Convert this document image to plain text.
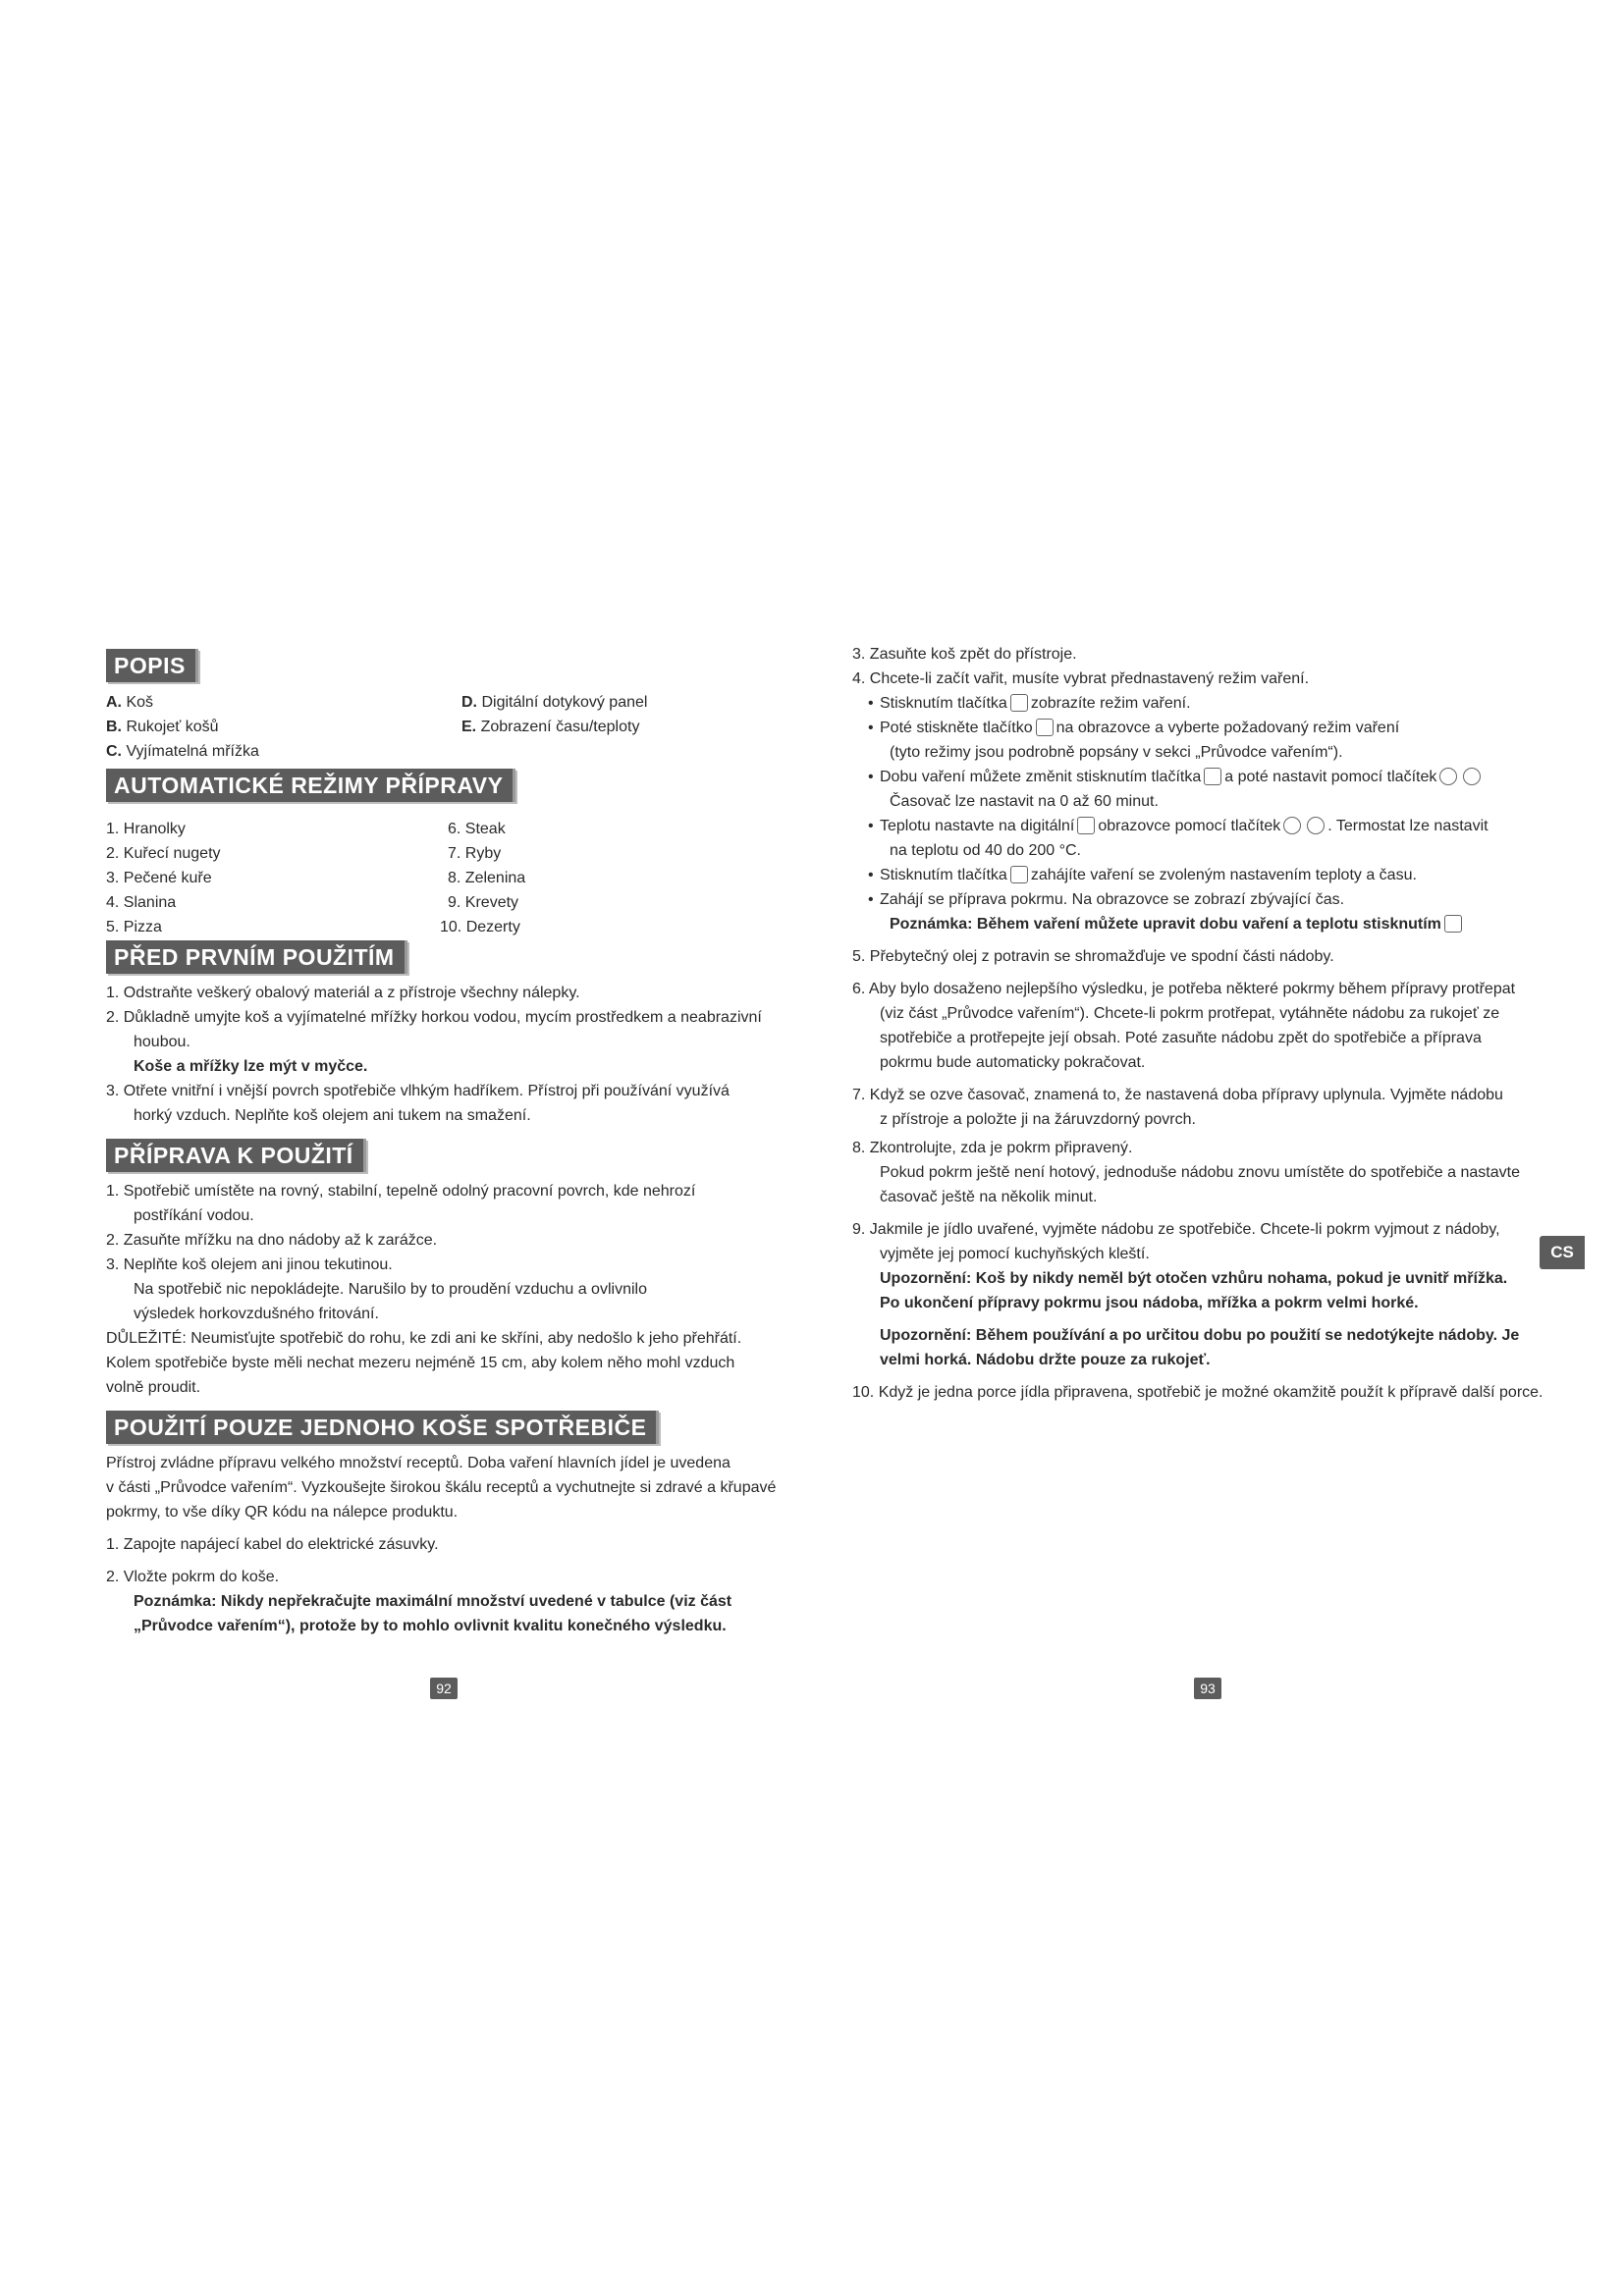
POPIS
A. Koš
B. Rukojeť košů
C. Vyjímatelná mřížka
D. Digitální dotykový panel
E. Zobrazení času/teploty
AUTOMATICKÉ REŽIMY PŘÍPRAVY
1. Hranolky
2. Kuřecí nugety
3. Pečené kuře
4. Slanina
5. Pizza
6. Steak
7. Ryby
8. Zelenina
9. Krevety
10. Dezerty
PŘED PRVNÍM POUŽITÍM
1. Odstraňte veškerý obalový materiál a z přístroje všechny nálepky.
2. Důkladně umyjte koš a vyjímatelné mřížky horkou vodou, mycím prostředkem a neabrazivní
houbou.
Koše a mřížky lze mýt v myčce.
3. Otřete vnitřní i vnější povrch spotřebiče vlhkým hadříkem. Přístroj při používání využívá
horký vzduch. Neplňte koš olejem ani tukem na smažení.
PŘÍPRAVA K POUŽITÍ
1. Spotřebič umístěte na rovný, stabilní, tepelně odolný pracovní povrch, kde nehrozí
postříkání vodou.
2. Zasuňte mřížku na dno nádoby až k zarážce.
3. Neplňte koš olejem ani jinou tekutinou.
Na spotřebič nic nepokládejte. Narušilo by to proudění vzduchu a ovlivnilo
výsledek horkovzdušného fritování.
DŮLEŽITÉ: Neumisťujte spotřebič do rohu, ke zdi ani ke skříni, aby nedošlo k jeho přehřátí.
Kolem spotřebiče byste měli nechat mezeru nejméně 15 cm, aby kolem něho mohl vzduch
volně proudit.
POUŽITÍ POUZE JEDNOHO KOŠE SPOTŘEBIČE
Přístroj zvládne přípravu velkého množství receptů. Doba vaření hlavních jídel je uvedena
v části „Průvodce vařením“. Vyzkoušejte širokou škálu receptů a vychutnejte si zdravé a křupavé
pokrmy, to vše díky QR kódu na nálepce produktu.
1. Zapojte napájecí kabel do elektrické zásuvky.
2. Vložte pokrm do koše.
Poznámka: Nikdy nepřekračujte maximální množství uvedené v tabulce (viz část
„Průvodce vařením“), protože by to mohlo ovlivnit kvalitu konečného výsledku.
92
3. Zasuňte koš zpět do přístroje.
4. Chcete-li začít vařit, musíte vybrat přednastavený režim vaření.
• Stisknutím tlačítka zobrazíte režim vaření.
• Poté stiskněte tlačítko na obrazovce a vyberte požadovaný režim vaření
(tyto režimy jsou podrobně popsány v sekci „Průvodce vařením“).
• Dobu vaření můžete změnit stisknutím tlačítka a poté nastavit pomocí tlačítek
Časovač lze nastavit na 0 až 60 minut.
• Teplotu nastavte na digitální obrazovce pomocí tlačítek	. Termostat lze nastavit
na teplotu od 40 do 200 °C.
• Stisknutím tlačítka zahájíte vaření se zvoleným nastavením teploty a času.
• Zahájí se příprava pokrmu. Na obrazovce se zobrazí zbývající čas.
Poznámka: Během vaření můžete upravit dobu vaření a teplotu stisknutím
5. Přebytečný olej z potravin se shromažďuje ve spodní části nádoby.
6. Aby bylo dosaženo nejlepšího výsledku, je potřeba některé pokrmy během přípravy protřepat
(viz část „Průvodce vařením“). Chcete-li pokrm protřepat, vytáhněte nádobu za rukojeť ze
spotřebiče a protřepejte její obsah. Poté zasuňte nádobu zpět do spotřebiče a příprava
pokrmu bude automaticky pokračovat.
7. Když se ozve časovač, znamená to, že nastavená doba přípravy uplynula. Vyjměte nádobu
z přístroje a položte ji na žáruvzdorný povrch.
8. Zkontrolujte, zda je pokrm připravený.
Pokud pokrm ještě není hotový, jednoduše nádobu znovu umístěte do spotřebiče a nastavte
časovač ještě na několik minut.
9. Jakmile je jídlo uvařené, vyjměte nádobu ze spotřebiče. Chcete-li pokrm vyjmout z nádoby,
vyjměte jej pomocí kuchyňských kleští.
Upozornění: Koš by nikdy neměl být otočen vzhůru nohama, pokud je uvnitř mřížka.
Po ukončení přípravy pokrmu jsou nádoba, mřížka a pokrm velmi horké.
Upozornění: Během používání a po určitou dobu po použití se nedotýkejte nádoby. Je
velmi horká. Nádobu držte pouze za rukojeť.
10. Když je jedna porce jídla připravena, spotřebič je možné okamžitě použít k přípravě další porce.
93
CS
